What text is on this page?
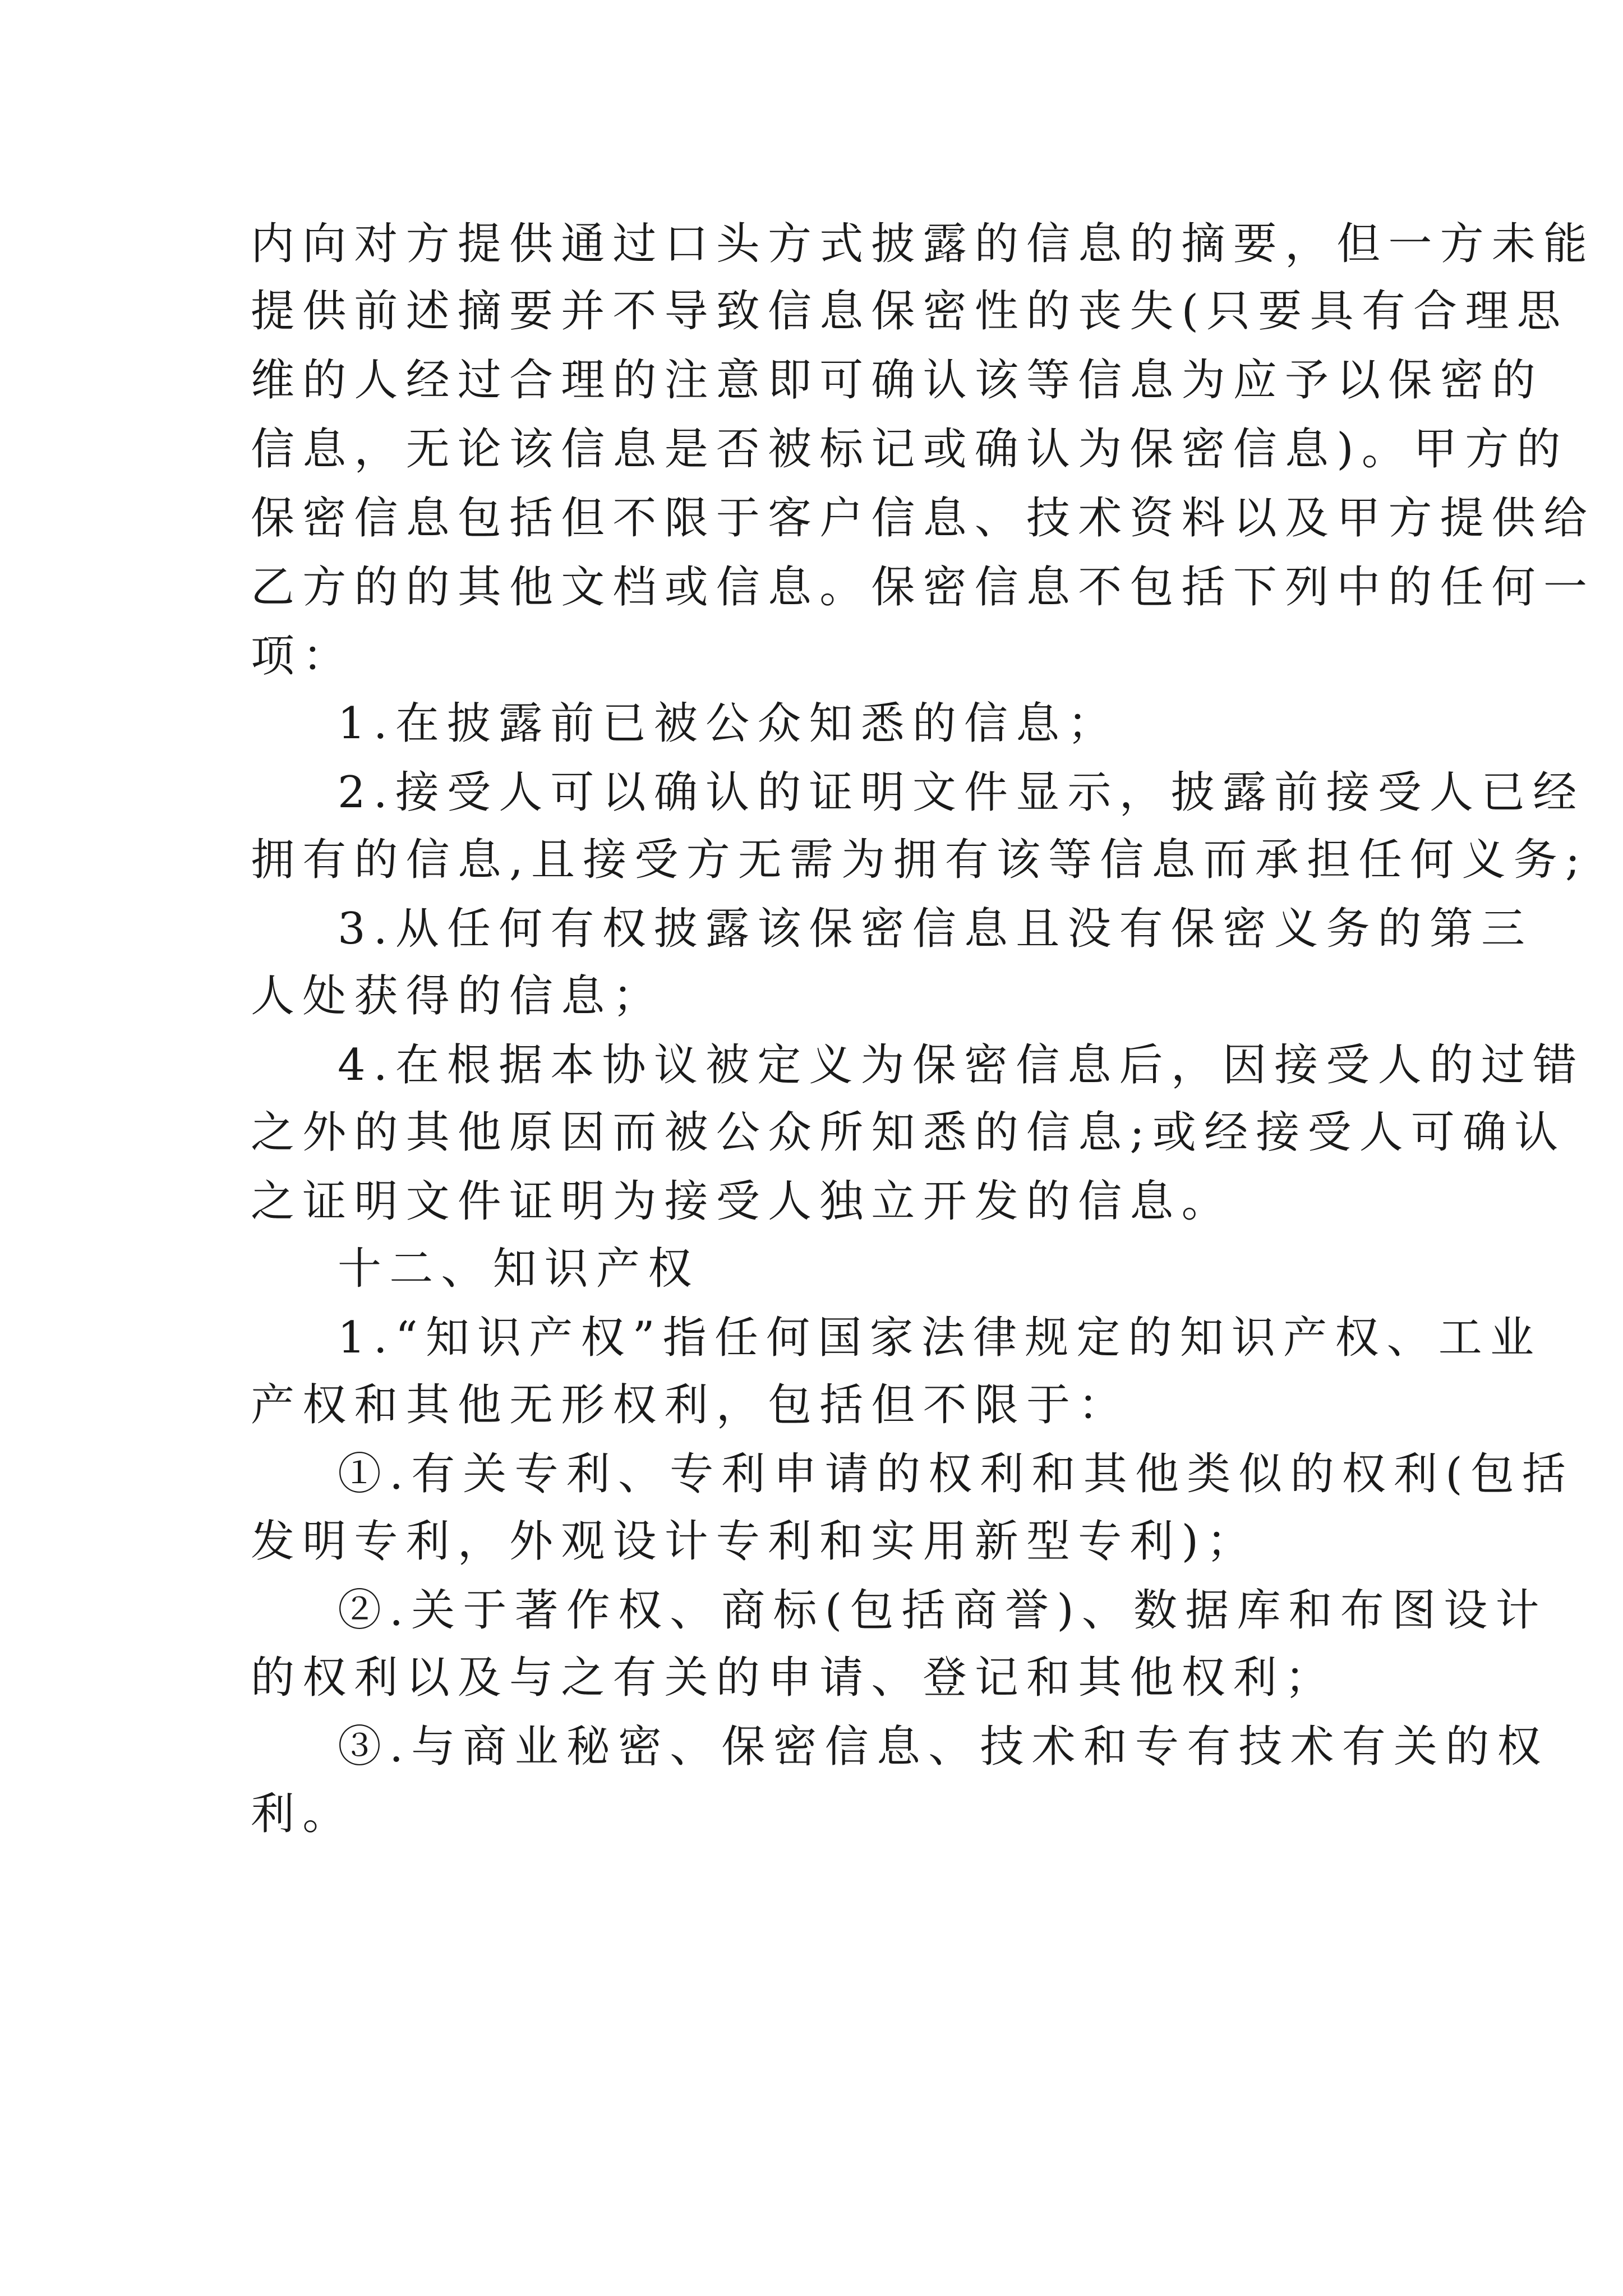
内向对方提供通过口头方式披露的信息的摘要，但一方未能
提供前述摘要并不导致信息保密性的丧失(只要具有合理思
维的人经过合理的注意即可确认该等信息为应予以保密的
信息，无论该信息是否被标记或确认为保密信息)。甲方的
保密信息包括但不限于客户信息、技术资料以及甲方提供给
乙方的的其他文档或信息。保密信息不包括下列中的任何一
项：
1.在披露前已被公众知悉的信息；
2.接受人可以确认的证明文件显示，披露前接受人已经
拥有的信息,且接受方无需为拥有该等信息而承担任何义务;
3.从任何有权披露该保密信息且没有保密义务的第三
人处获得的信息；
4.在根据本协议被定义为保密信息后，因接受人的过错
之外的其他原因而被公众所知悉的信息;或经接受人可确认
之证明文件证明为接受人独立开发的信息。
十二、知识产权
1.“知识产权”指任何国家法律规定的知识产权、工业
产权和其他无形权利，包括但不限于：
①.有关专利、专利申请的权利和其他类似的权利(包括
发明专利，外观设计专利和实用新型专利)；
②.关于著作权、商标(包括商誉)、数据库和布图设计
的权利以及与之有关的申请、登记和其他权利；
③.与商业秘密、保密信息、技术和专有技术有关的权
利。
